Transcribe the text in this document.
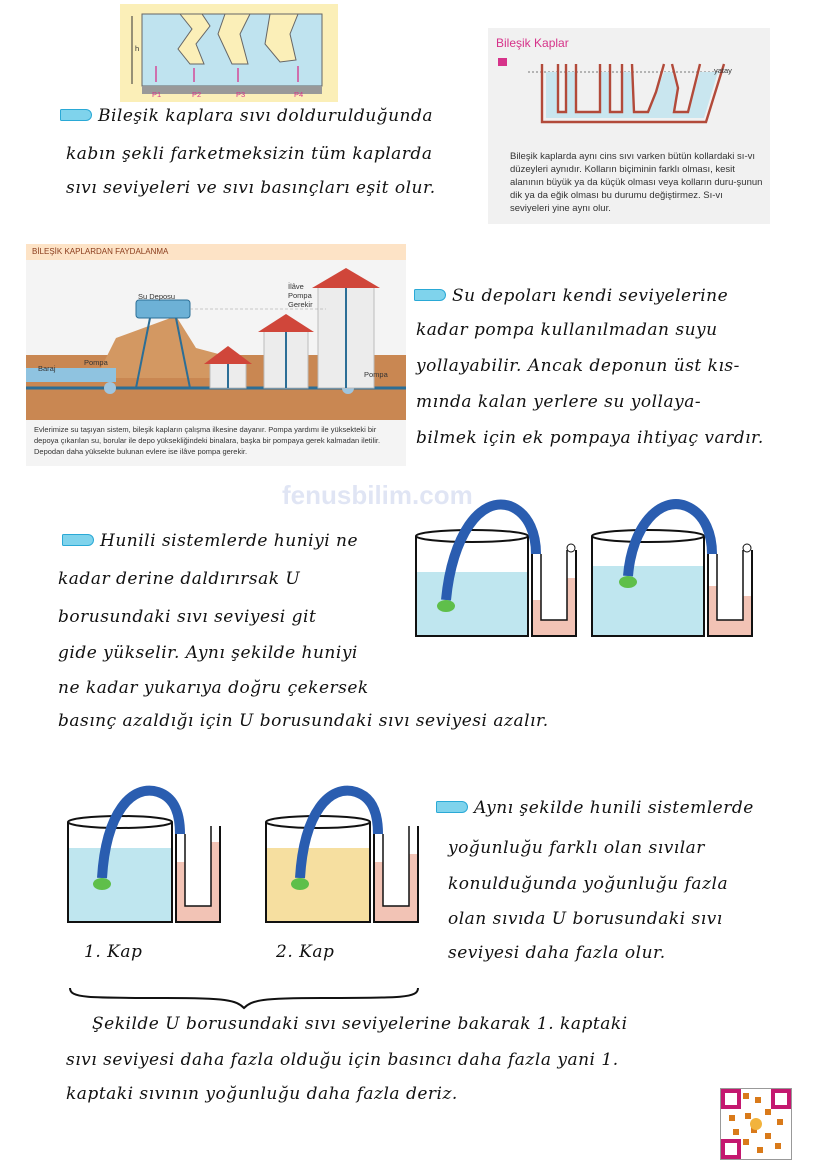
h
P1	P2	P3	P4
Bileşik Kaplar
yatay
Bileşik kaplarda aynı cins sıvı varken bütün kollardaki sı-vı düzeyleri aynıdır. Kolların biçiminin farklı olması, kesit alanının büyük ya da küçük olması veya kolların duru-şunun dik ya da eğik olması bu durumu değiştirmez. Sı-vı seviyeleri yine aynı olur.
Bileşik kaplara sıvı doldurulduğunda
kabın şekli farketmeksizin tüm kaplarda
sıvı seviyeleri ve sıvı basınçları eşit olur.
BİLEŞİK KAPLARDAN FAYDALANMA
Su Deposu
İlâve
Pompa
Gerekir
Baraj
Pompa
Pompa
Evlerimize su taşıyan sistem, bileşik kapların çalışma ilkesine dayanır. Pompa yardımı ile yüksekteki bir depoya çıkarılan su, borular ile depo yüksekliğindeki binalara, başka bir pompaya gerek kalmadan iletilir. Depodan daha yüksekte bulunan evlere ise ilâve pompa gerekir.
Su depoları kendi seviyelerine
kadar pompa kullanılmadan suyu
yollayabilir. Ancak deponun üst kıs-
mında kalan yerlere su yollaya-
bilmek için ek pompaya ihtiyaç vardır.
fenusbilim.com
Hunili sistemlerde huniyi ne
kadar derine daldırırsak U
borusundaki sıvı seviyesi git
gide yükselir. Aynı şekilde huniyi
ne kadar yukarıya doğru çekersek
basınç azaldığı için U borusundaki sıvı seviyesi azalır.
1. Kap	2. Kap
Aynı şekilde hunili sistemlerde
yoğunluğu farklı olan sıvılar
konulduğunda yoğunluğu fazla
olan sıvıda U borusundaki sıvı
seviyesi daha fazla olur.
Şekilde U borusundaki sıvı seviyelerine bakarak 1. kaptaki
sıvı seviyesi daha fazla olduğu için basıncı daha fazla yani 1.
kaptaki sıvının yoğunluğu daha fazla deriz.
